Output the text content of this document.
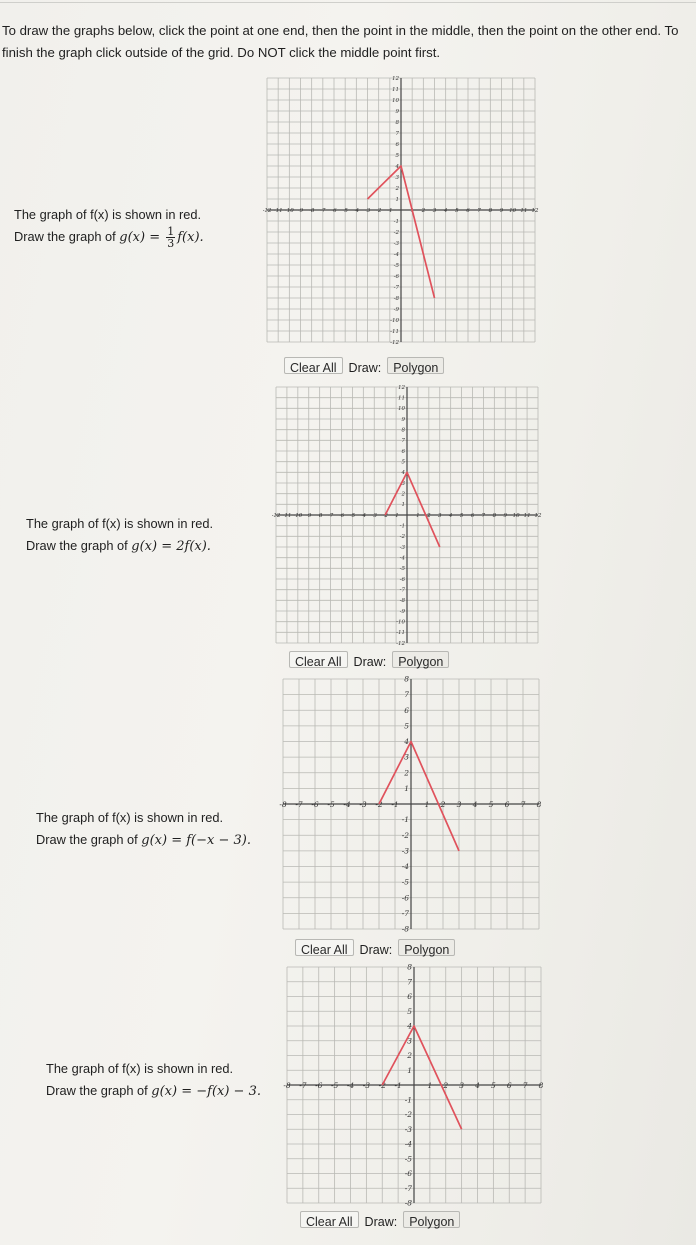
To draw the graphs below, click the point at one end, then the point in the middle, then the point on the other end. To finish the graph click outside of the grid. Do NOT click the middle point first.

The graph of f(x) is shown in red.
Draw the graph of $g(x) = \frac{1}{3} f(x)$.
-12 -11 -10 -9 -8 -7 -6 -5 -4 -3 -2 -1	1 2 3 4 5 6 7 8 9 10 11 12
12
11
10
9
8
7
6
5
4
3
2
1
-1
-2
-3
-4
-5
-6
-7
-8
-9
-10
-11
-12
Clear All Draw: Polygon
The graph of f(x) is shown in red.
Draw the graph of g(x) = 2f(x).
-12 -11 -10 -9 -8 -7 -6 -5 -4 -3 -2 -1	1 2 3 4 5 6 7 8 9 10 11 12
12
11
10
9
8
7
6
5
4
3
2
1
-1
-2
-3
-4
-5
-6
-7
-8
-9
-10
-11
-12
Clear All Draw: Polygon
The graph of f(x) is shown in red.
Draw the graph of g(x) = f(−x − 3).
-8 -7 -6 -5 -4 -3 -2 -1	1 2 3 4 5 6 7 8
8
7
6
5
4
3
2
1
-1
-2
-3
-4
-5
-6
-7
-8
Clear All Draw: Polygon
The graph of f(x) is shown in red.
Draw the graph of g(x) = −f(x) − 3.	-8 -7 -6 -5 -4 -3 -2 -1	1 2 3 4 5 6 7 8
8
7
6
5
4
3
2
1
-1
-2
-3
-4
-5
-6
-7
-8
Clear All Draw: Polygon
